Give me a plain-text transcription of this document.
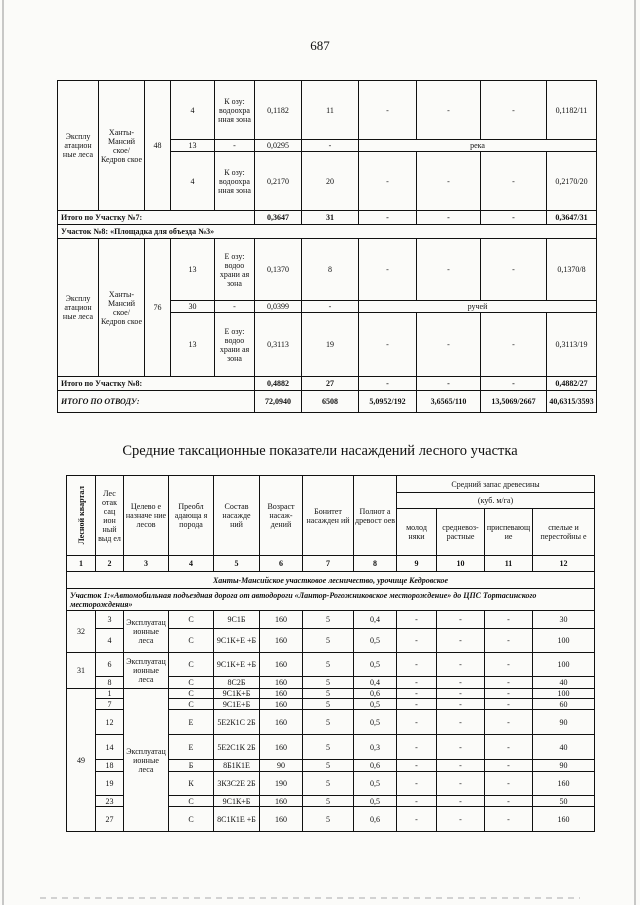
687
Эксплу атацион ные леса	Ханты-Мансий ское/ Кедров ское	48	4	К озу: водоохра нная зона	0,1182	11	-	-	-	0,1182/11
			13	-	0,0295	-	река			
			4	К озу: водоохра нная зона	0,2170	20	-	-	-	0,2170/20
Итого по Участку №7:					0,3647	31	-	-	-	0,3647/31
Участок №8: «Площадка для объезда №3»										
Эксплу атацион ные леса	Ханты-Мансий ское/ Кедров ское	76	13	Е озу: водоо храни ая зона	0,1370	8	-	-	-	0,1370/8
			30	-	0,0399	-	ручей			
			13	Е озу: водоо храни ая зона	0,3113	19	-	-	-	0,3113/19
Итого по Участку №8:					0,4882	27	-	-	-	0,4882/27
ИТОГО ПО ОТВОДУ:					72,0940	6508	5,0952/192	3,6565/110	13,5069/2667	40,6315/3593
Средние таксационные показатели насаждений лесного участка
Лесной квартал	Лес отак сац ион ный выд ел	Целево е назначе ние лесов	Преобл адающа я порода	Состав насажде ний	Возраст насаж-дений	Бонитет насажден ий	Полнот а древост оев	Средний запас древесины			
								(куб. м/га)			
								молод няки	средневоз-растные	приспевающие	спелые и перестойны е
1	2	3	4	5	6	7	8	9	10	11	12
Ханты-Мансийское участковое лесничество, урочище Кедровское											
Участок 1:«Автомобильная подъездная дорога от автодороги «Лантор-Рогожниковское месторождение» до ЦПС Тортасинского месторождения»											
32	3	Эксплуатационные леса	С	9С1Б	160	5	0,4	-	-	-	30
	4		С	9С1К+Е +Б	160	5	0,5	-	-	-	100
31	6	Эксплуатационные леса	С	9С1К+Е +Б	160	5	0,5	-	-	-	100
	8		С	8С2Б	160	5	0,4	-	-	-	40
49	1	Эксплуатационные леса	С	9С1К+Б	160	5	0,6	-	-	-	100
	7		С	9С1Е+Б	160	5	0,5	-	-	-	60
	12		Е	5Е2К1С 2Б	160	5	0,5	-	-	-	90
	14		Е	5Е2С1К 2Б	160	5	0,3	-	-	-	40
	18		Б	8Б1К1Е	90	5	0,6	-	-	-	90
	19		К	3К3С2Е 2Б	190	5	0,5	-	-	-	160
	23		С	9С1К+Б	160	5	0,5	-	-	-	50
	27		С	8С1К1Е +Б	160	5	0,6	-	-	-	160
